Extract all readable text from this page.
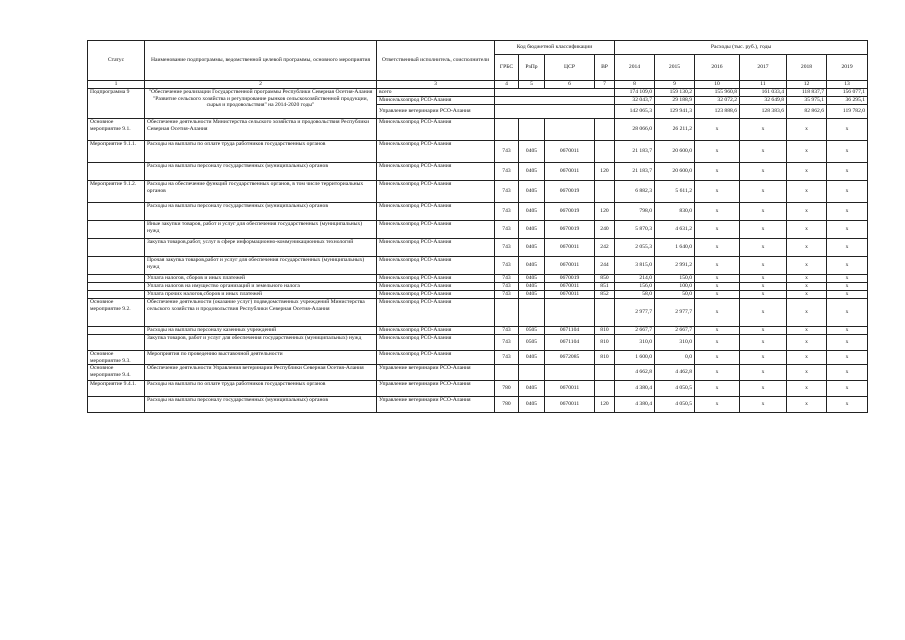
Статус	Наименование подпрограммы, ведомственной целевой программы, основного мероприятия	Ответственный исполнитель, соисполнители	Код бюджетной классификации				Расходы (тыс. руб.), годы					
			ГРБС	РзПр	ЦСР	ВР	2014	2015	2016	2017	2018	2019
1	2	3	4	5	6	7	8	9	10	11	12	13
Подпрограмма 9	"Обеспечение реализации Государственной программы Республики Северная Осетия-Алания "Развитие сельского хозяйства и регулирование рынков сельскохозяйственной продукции, сырья и продовольствия" на 2014-2020 годы"	всего					174 109,0	159 130,2	155 960,8	161 033,4	118 837,7	156 077,1
		Минсельхозпрод РСО-Алания					32 043,7	29 188,9	32 072,2	32 649,8	35 975,1	36 295,1
		Управление ветеринарии РСО-Алания					142 065,3	129 941,3	123 888,6	128 383,6	82 862,6	119 782,0
Основное мероприятие 9.1.	Обеспечение деятельности Министерства сельского хозяйства и продовольствия Республики Северная Осетия-Алания	Минсельхозпрод РСО-Алания					28 066,0	26 211,2	х	х	х	х
Мероприятие 9.1.1.	Расходы на выплаты по оплате труда работников государственных органов	Минсельхозпрод РСО-Алания	743	0405	0670011		21 183,7	20 600,0	х	х	х	х
	Расходы на выплаты персоналу государственных (муниципальных) органов	Минсельхозпрод РСО-Алания	743	0405	0670011	120	21 183,7	20 600,0	х	х	х	х
Мероприятие 9.1.2.	Расходы на обеспечение функций государственных органов, в том числе территориальных органов	Минсельхозпрод РСО-Алания	743	0405	0670019		6 882,3	5 611,2	х	х	х	х
	Расходы на выплаты персоналу государственных (муниципальных) органов	Минсельхозпрод РСО-Алания	743	0405	0670019	120	798,0	830,0	х	х	х	х
	Иные закупки товаров, работ и услуг для обеспечения государственных (муниципальных) нужд	Минсельхозпрод РСО-Алания	743	0405	0670019	240	5 870,3	4 631,2	х	х	х	х
	Закупка товаров,работ, услуг в сфере информационно-коммуникационных технологий	Минсельхозпрод РСО-Алания	743	0405	0670011	242	2 055,3	1 640,0	х	х	х	х
	Прочая закупка товаров,работ и услуг для обеспечения государственных (муниципальных) нужд	Минсельхозпрод РСО-Алания	743	0405	0670011	244	3 815,0	2 991,2	х	х	х	х
	Уплата налогов, сборов и иных платежей	Минсельхозпрод РСО-Алания	743	0405	0670019	850	214,0	150,0	х	х	х	х
	Уплата налогов на имущество организаций и земельного налога	Минсельхозпрод РСО-Алания	743	0405	0670011	851	156,0	100,0	х	х	х	х
	Уплата прочих налогов,сборов и иных платежей	Минсельхозпрод РСО-Алания	743	0405	0670011	852	58,0	50,0	х	х	х	х
Основное мероприятие 9.2.	Обеспечение деятельности (оказание услуг) подведомственных учреждений Министерства сельского хозяйства и продовольствия Республики Северная Осетия-Алания	Минсельхозпрод РСО-Алания					2 977,7	2 977,7	х	х	х	х
	Расходы на выплаты персоналу казенных учреждений	Минсельхозпрод РСО-Алания	743	0505	0671104	810	2 667,7	2 667,7	х	х	х	х
	Закупка товаров, работ и услуг для обеспечения государственных (муниципальных) нужд	Минсельхозпрод РСО-Алания	743	0505	0671104	810	310,0	310,0	х	х	х	х
Основное мероприятие 9.3.	Мероприятия по проведению выставочной деятельности	Минсельхозпрод РСО-Алания	743	0405	0672085	810	1 600,0	0,0	х	х	х	х
Основное мероприятие 9.4.	Обеспечение деятельности Управления ветеринарии Республики Северная Осетия-Алания	Управление ветеринарии РСО-Алания					4 662,8	4 462,8	х	х	х	х
Мероприятие 9.4.1.	Расходы на выплаты по оплате труда работников государственных органов	Управление ветеринарии РСО-Алания	780	0405	0670011		4 380,4	4 050,5	х	х	х	х
	Расходы на выплаты персоналу государственных (муниципальных) органов	Управление ветеринарии РСО-Алания	780	0405	0670011	120	4 380,4	4 050,5	х	х	х	х
